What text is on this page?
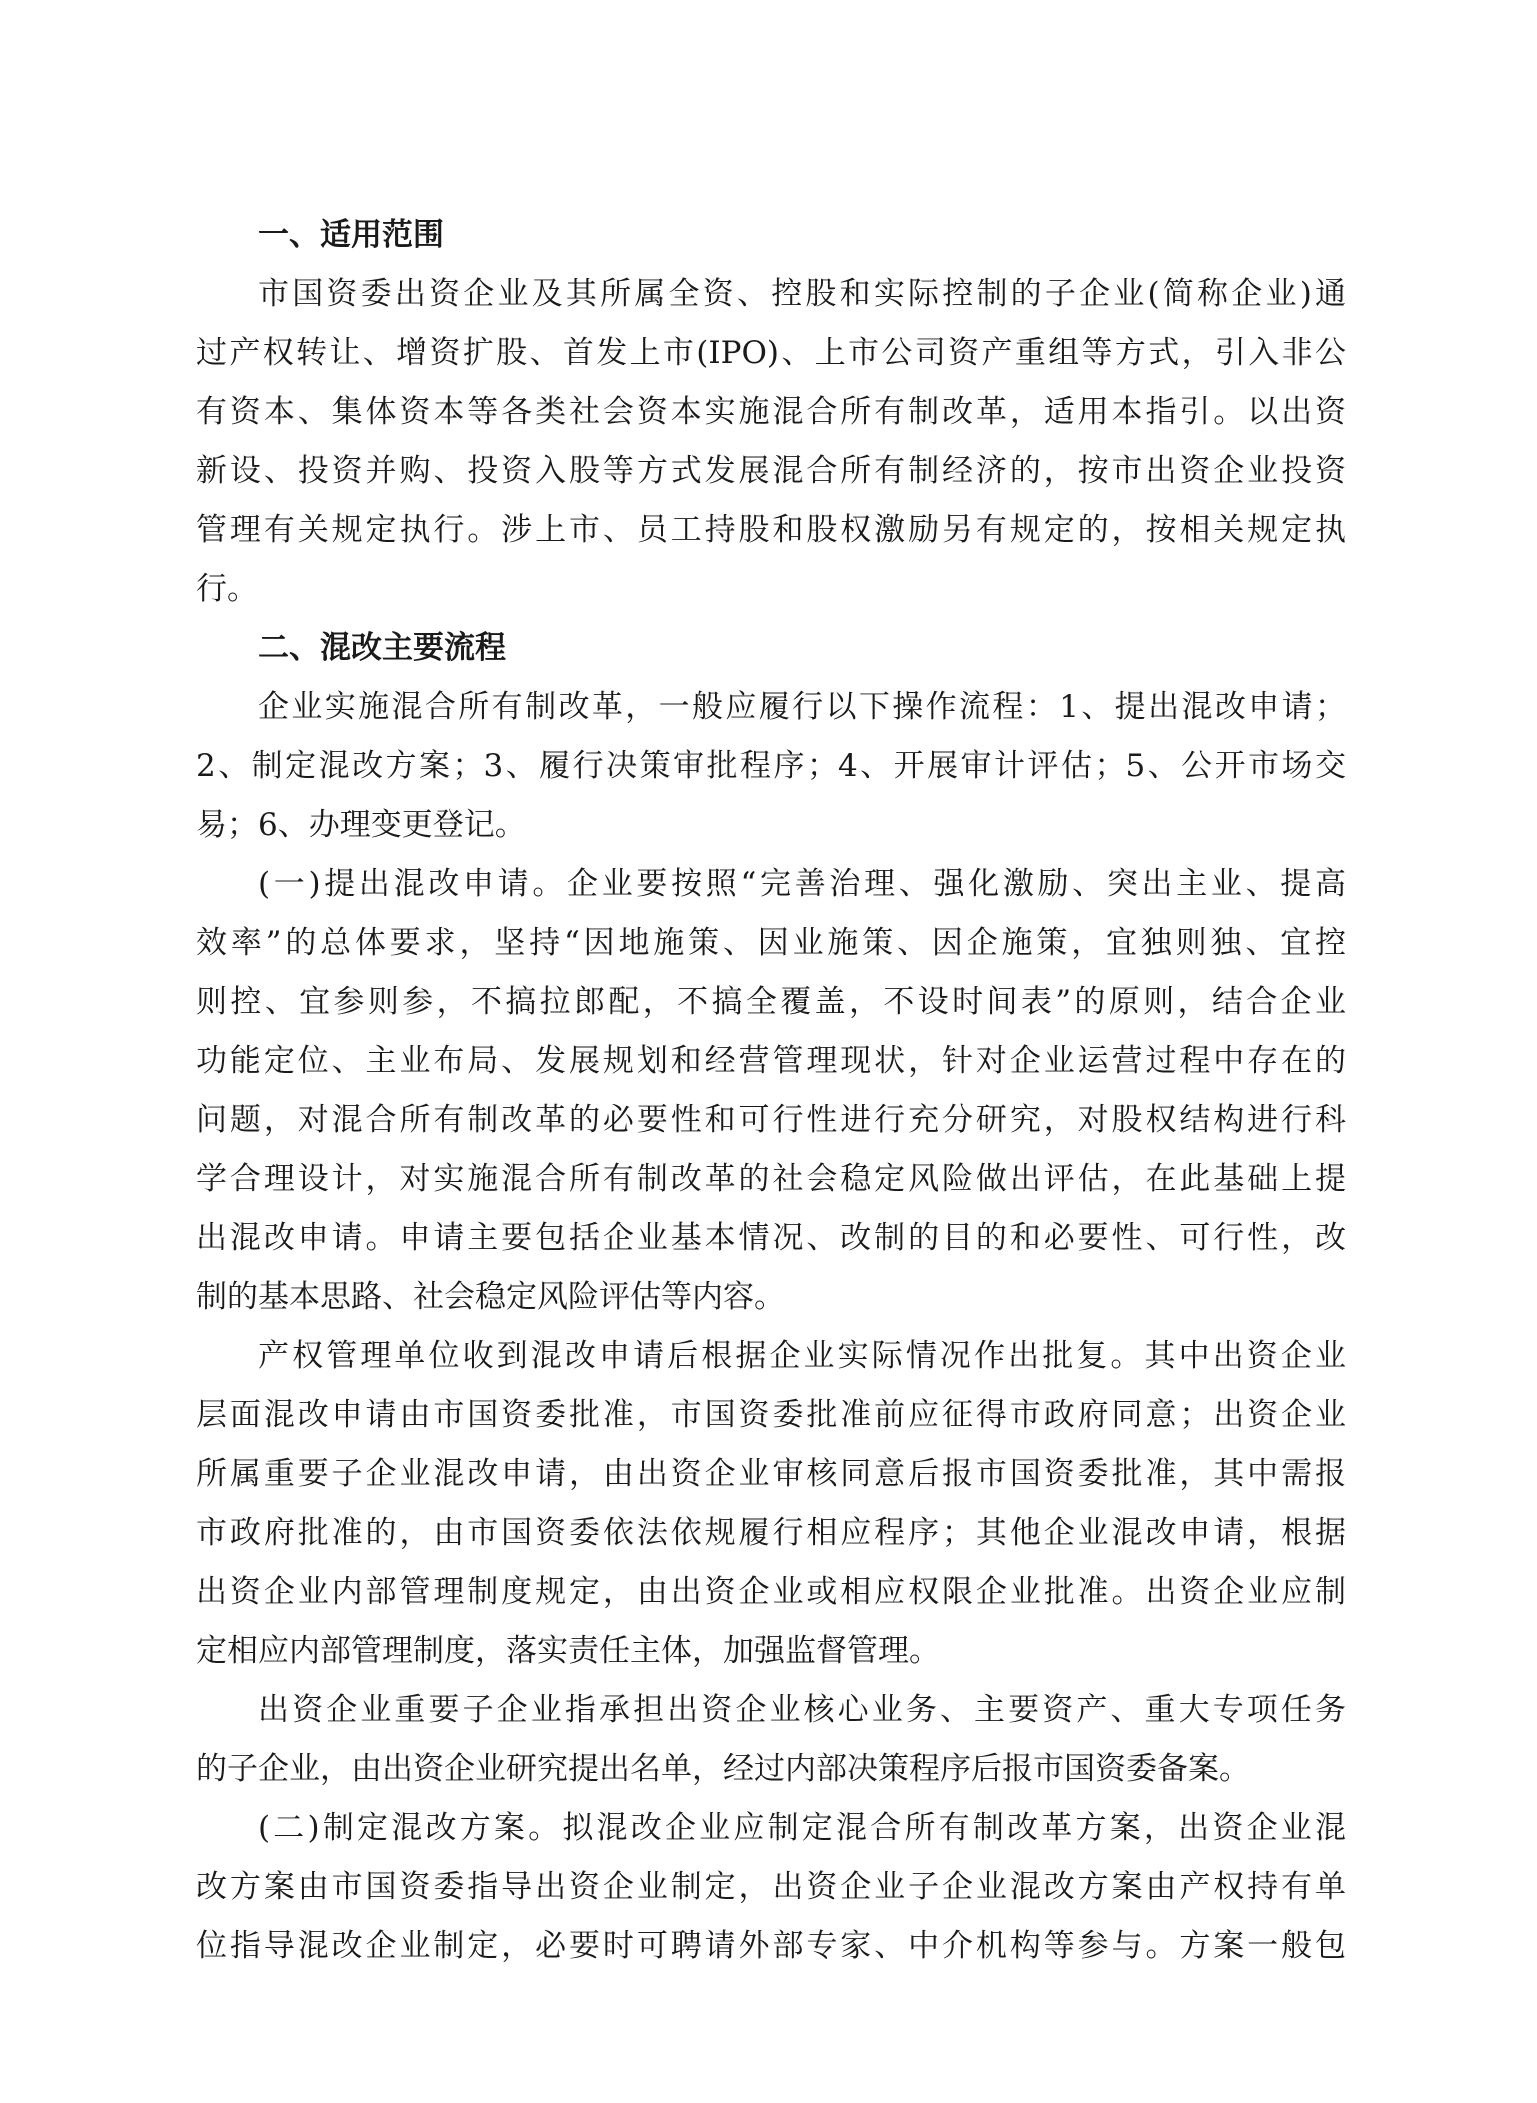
一、适用范围
市国资委出资企业及其所属全资、控股和实际控制的子企业(简称企业)通
过产权转让、增资扩股、首发上市(IPO)、上市公司资产重组等方式，引入非公
有资本、集体资本等各类社会资本实施混合所有制改革，适用本指引。以出资
新设、投资并购、投资入股等方式发展混合所有制经济的，按市出资企业投资
管理有关规定执行。涉上市、员工持股和股权激励另有规定的，按相关规定执
行。
二、混改主要流程
企业实施混合所有制改革，一般应履行以下操作流程：1、提出混改申请；
2、制定混改方案；3、履行决策审批程序；4、开展审计评估；5、公开市场交
易；6、办理变更登记。
(一)提出混改申请。企业要按照“完善治理、强化激励、突出主业、提高
效率”的总体要求，坚持“因地施策、因业施策、因企施策，宜独则独、宜控
则控、宜参则参，不搞拉郎配，不搞全覆盖，不设时间表”的原则，结合企业
功能定位、主业布局、发展规划和经营管理现状，针对企业运营过程中存在的
问题，对混合所有制改革的必要性和可行性进行充分研究，对股权结构进行科
学合理设计，对实施混合所有制改革的社会稳定风险做出评估，在此基础上提
出混改申请。申请主要包括企业基本情况、改制的目的和必要性、可行性，改
制的基本思路、社会稳定风险评估等内容。
产权管理单位收到混改申请后根据企业实际情况作出批复。其中出资企业
层面混改申请由市国资委批准，市国资委批准前应征得市政府同意；出资企业
所属重要子企业混改申请，由出资企业审核同意后报市国资委批准，其中需报
市政府批准的，由市国资委依法依规履行相应程序；其他企业混改申请，根据
出资企业内部管理制度规定，由出资企业或相应权限企业批准。出资企业应制
定相应内部管理制度，落实责任主体，加强监督管理。
出资企业重要子企业指承担出资企业核心业务、主要资产、重大专项任务
的子企业，由出资企业研究提出名单，经过内部决策程序后报市国资委备案。
(二)制定混改方案。拟混改企业应制定混合所有制改革方案，出资企业混
改方案由市国资委指导出资企业制定，出资企业子企业混改方案由产权持有单
位指导混改企业制定，必要时可聘请外部专家、中介机构等参与。方案一般包
